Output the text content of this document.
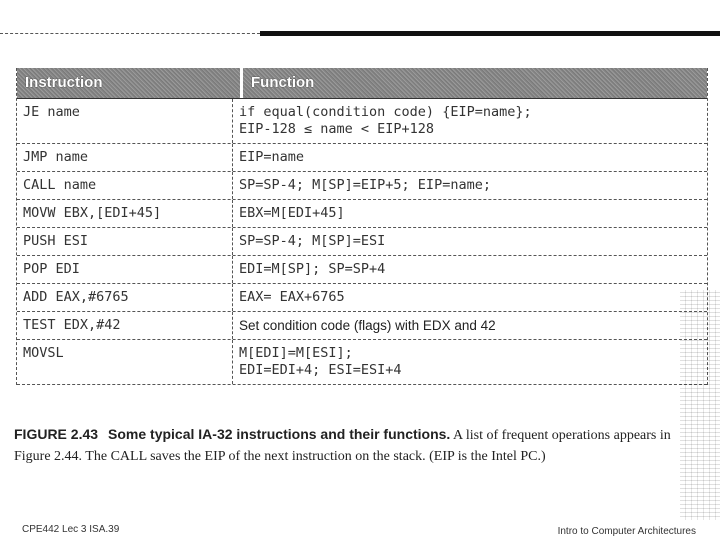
Instruction	Function
JE name	if equal(condition code) {EIP=name};
EIP-128 ≤ name < EIP+128
JMP name	EIP=name
CALL name	SP=SP-4; M[SP]=EIP+5; EIP=name;
MOVW EBX,[EDI+45]	EBX=M[EDI+45]
PUSH ESI	SP=SP-4; M[SP]=ESI
POP EDI	EDI=M[SP]; SP=SP+4
ADD EAX,#6765	EAX= EAX+6765
TEST EDX,#42	Set condition code (flags) with EDX and 42
MOVSL	M[EDI]=M[ESI];
EDI=EDI+4; ESI=ESI+4
FIGURE 2.43 Some typical IA-32 instructions and their functions. A list of frequent operations appears in Figure 2.44. The CALL saves the EIP of the next instruction on the stack. (EIP is the Intel PC.)
CPE442 Lec 3 ISA.39	Intro to Computer Architectures
